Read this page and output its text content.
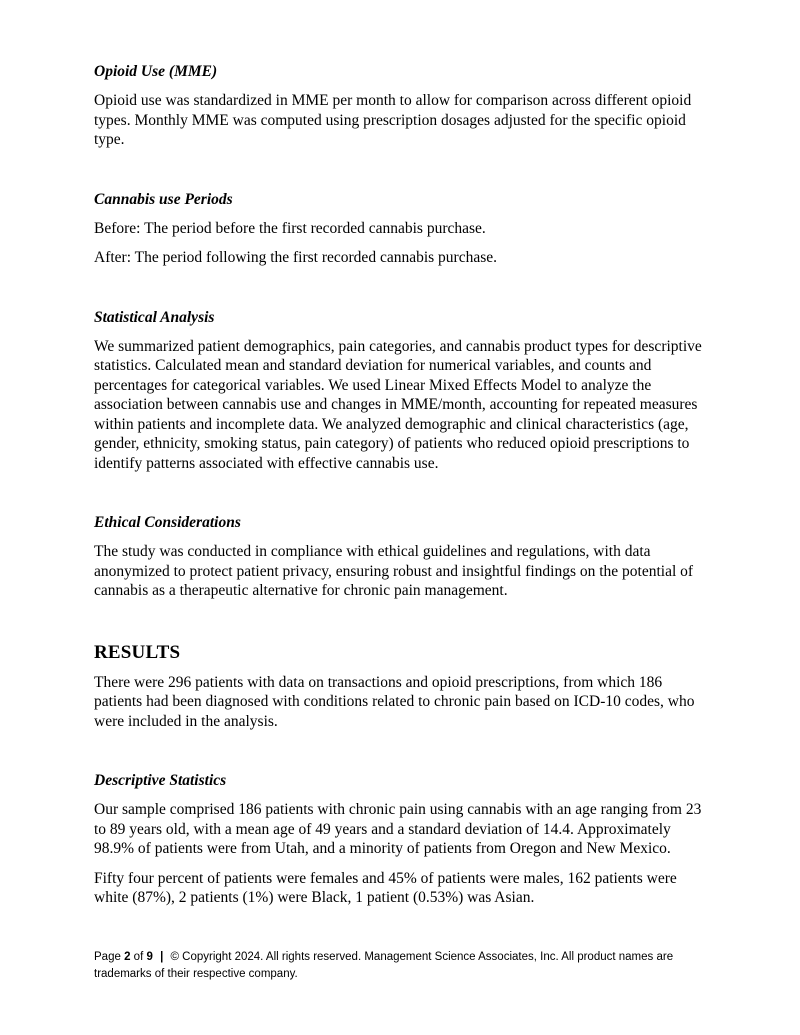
Opioid Use (MME)

Opioid use was standardized in MME per month to allow for comparison across different opioid types. Monthly MME was computed using prescription dosages adjusted for the specific opioid type.

Cannabis use Periods

Before: The period before the first recorded cannabis purchase.

After: The period following the first recorded cannabis purchase.

Statistical Analysis

We summarized patient demographics, pain categories, and cannabis product types for descriptive statistics. Calculated mean and standard deviation for numerical variables, and counts and percentages for categorical variables. We used Linear Mixed Effects Model to analyze the association between cannabis use and changes in MME/month, accounting for repeated measures within patients and incomplete data. We analyzed demographic and clinical characteristics (age, gender, ethnicity, smoking status, pain category) of patients who reduced opioid prescriptions to identify patterns associated with effective cannabis use.

Ethical Considerations

The study was conducted in compliance with ethical guidelines and regulations, with data anonymized to protect patient privacy, ensuring robust and insightful findings on the potential of cannabis as a therapeutic alternative for chronic pain management.

RESULTS

There were 296 patients with data on transactions and opioid prescriptions, from which 186 patients had been diagnosed with conditions related to chronic pain based on ICD-10 codes, who were included in the analysis.

Descriptive Statistics

Our sample comprised 186 patients with chronic pain using cannabis with an age ranging from 23 to 89 years old, with a mean age of 49 years and a standard deviation of 14.4. Approximately 98.9% of patients were from Utah, and a minority of patients from Oregon and New Mexico.

Fifty four percent of patients were females and 45% of patients were males, 162 patients were white (87%), 2 patients (1%) were Black, 1 patient (0.53%) was Asian.

Page 2 of 9 | © Copyright 2024. All rights reserved. Management Science Associates, Inc. All product names are trademarks of their respective company.
